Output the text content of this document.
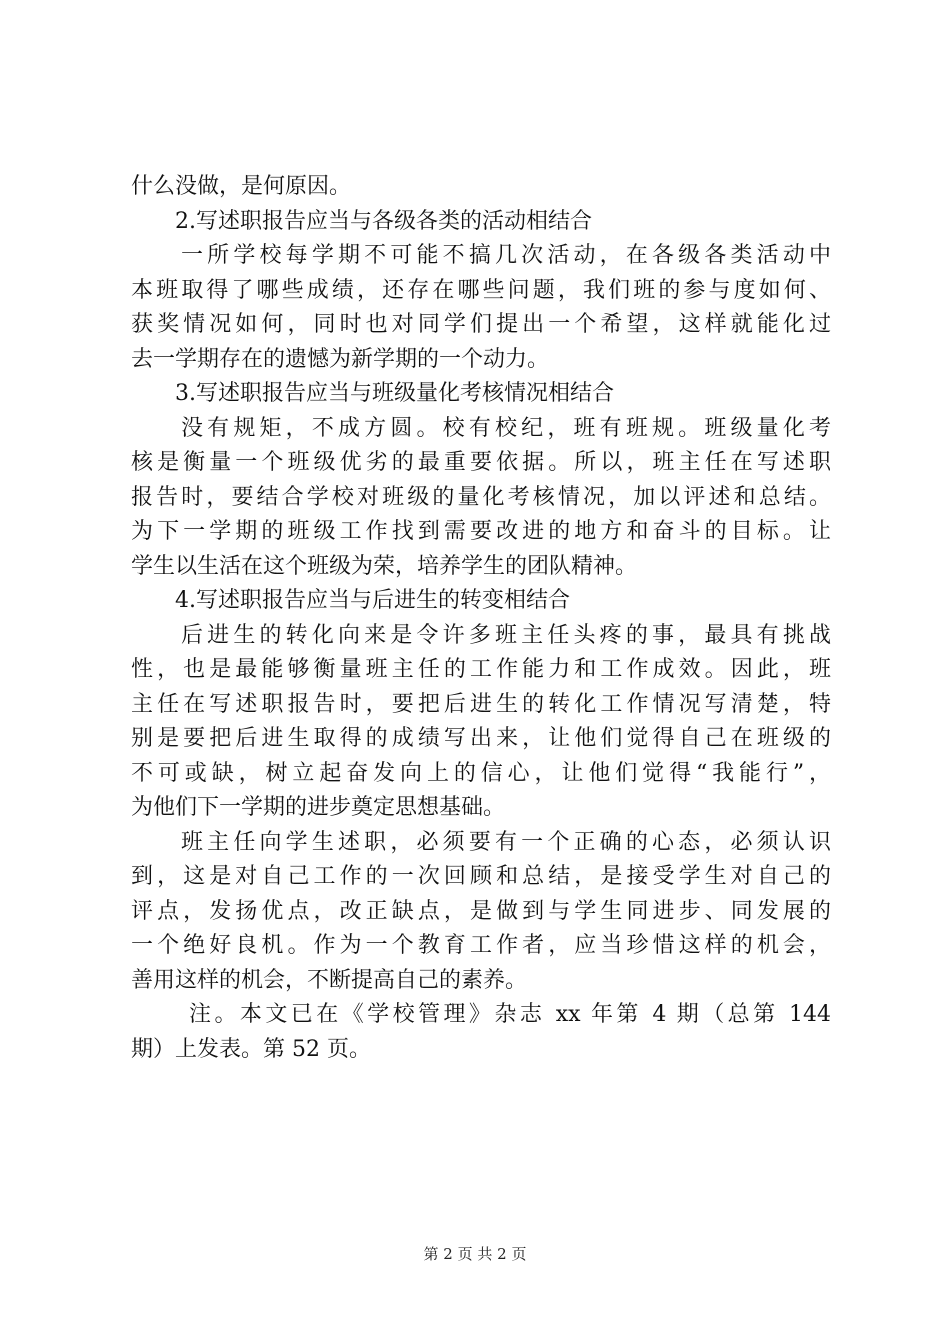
什么没做，是何原因。
2.写述职报告应当与各级各类的活动相结合
一所学校每学期不可能不搞几次活动，在各级各类活动中
本班取得了哪些成绩，还存在哪些问题，我们班的参与度如何、
获奖情况如何，同时也对同学们提出一个希望，这样就能化过
去一学期存在的遗憾为新学期的一个动力。
3.写述职报告应当与班级量化考核情况相结合
没有规矩，不成方圆。校有校纪，班有班规。班级量化考
核是衡量一个班级优劣的最重要依据。所以，班主任在写述职
报告时，要结合学校对班级的量化考核情况，加以评述和总结。
为下一学期的班级工作找到需要改进的地方和奋斗的目标。让
学生以生活在这个班级为荣，培养学生的团队精神。
4.写述职报告应当与后进生的转变相结合
后进生的转化向来是令许多班主任头疼的事，最具有挑战
性，也是最能够衡量班主任的工作能力和工作成效。因此，班
主任在写述职报告时，要把后进生的转化工作情况写清楚，特
别是要把后进生取得的成绩写出来，让他们觉得自己在班级的
不可或缺，树立起奋发向上的信心，让他们觉得“我能行”，
为他们下一学期的进步奠定思想基础。
班主任向学生述职，必须要有一个正确的心态，必须认识
到，这是对自己工作的一次回顾和总结，是接受学生对自己的
评点，发扬优点，改正缺点，是做到与学生同进步、同发展的
一个绝好良机。作为一个教育工作者，应当珍惜这样的机会，
善用这样的机会，不断提高自己的素养。
注。本文已在《学校管理》杂志 xx 年第 4 期（总第 144
期）上发表。第 52 页。
第 2 页 共 2 页
